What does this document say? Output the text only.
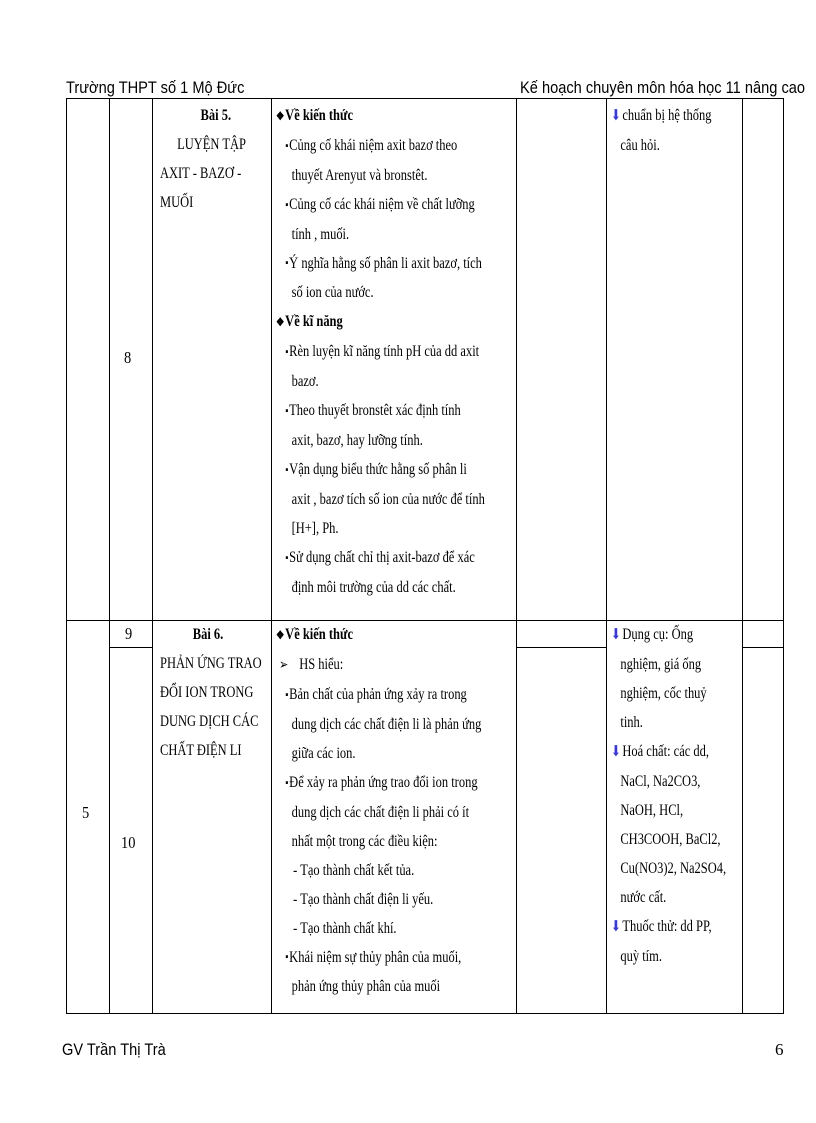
Trường THPT số 1 Mộ Đức	Kế hoạch chuyên môn hóa học 11 nâng cao
8
Bài 5.
LUYỆN TẬP
AXIT - BAZƠ -
MUỐI
❖Về kiến thức
▪ Củng cố khái niệm axit bazơ theo
thuyết Arenyut và bronstêt.
▪ Củng cố các khái niệm về chất lưỡng
tính , muối.
▪ Ý nghĩa hằng số phân li axit bazơ, tích
số ion của nước.
❖Về kĩ năng
▪ Rèn luyện kĩ năng tính pH của dd axit
bazơ.
▪ Theo thuyết bronstêt xác định tính
axit, bazơ, hay lưỡng tính.
▪ Vận dụng biểu thức hằng số phân li
axit , bazơ tích số ion của nước để tính
[H+], Ph.
▪ Sử dụng chất chỉ thị axit-bazơ để xác
định môi trường của dd các chất.
⬇chuẩn bị hệ thống
câu hỏi.
5
9
10
Bài 6.
PHẢN ỨNG TRAO
ĐỔI ION TRONG
DUNG DỊCH CÁC
CHẤT ĐIỆN LI
❖Về kiến thức
➢ HS hiểu:
▪ Bản chất của phản ứng xảy ra trong
dung dịch các chất điện li là phản ứng
giữa các ion.
▪ Để xảy ra phản ứng trao đổi ion trong
dung dịch các chất điện li phải có ít
nhất một trong các điều kiện:
- Tạo thành chất kết tủa.
- Tạo thành chất điện li yếu.
- Tạo thành chất khí.
▪ Khái niệm sự thủy phân của muối,
phản ứng thủy phân của muối
⬇Dụng cụ: Ống
nghiệm, giá ống
nghiệm, cốc thuỷ
tinh.
⬇Hoá chất: các dd,
NaCl, Na2CO3,
NaOH, HCl,
CH3COOH, BaCl2,
Cu(NO3)2, Na2SO4,
nước cất.
⬇Thuốc thử: dd PP,
quỳ tím.
GV Trần Thị Trà	6
